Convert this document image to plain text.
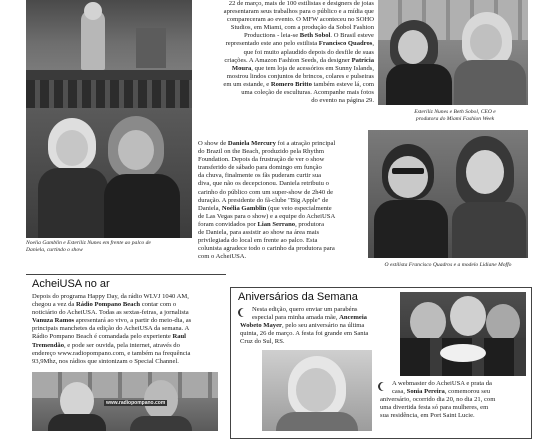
Noelia Gamblin e Esteriliz Nunes em frente ao palco de
Daniela, curtindo o show
22 de março, mais de 100 estilistas e designers de joias
apresentaram seus trabalhos para o público e a mídia que
compareceram ao evento. O MFW aconteceu no SOHO
Studios, em Miami, com a produção da Sobol Fashion
Productions - leia-se Beth Sobol. O Brasil esteve
representado este ano pelo estilista Francisco Quadros,
que foi muito aplaudido depois do desfile de suas
criações. A Amazon Fashion Seeds, da designer Patrícia
Moura, que tem loja de acessórios em Sunny Islands,
mostrou lindos conjuntos de brincos, colares e pulseiras
em um estande, e Romero Britto também esteve lá, com
uma coleção de esculturas. Acompanhe mais fotos
do evento na página 29.
Esteriliz Nunes e Beth Sobol, CEO e
produtora do Miami Fashion Week
O show de Daniela Mercury foi a atração principal
do Brazil on the Beach, produzido pela Rhythm
Foundation. Depois da frustração de ver o show
transferido de sábado para domingo em função
da chuva, finalmente os fãs puderam curtir sua
diva, que não os decepcionou. Daniela retribuiu o
carinho do público com um super-show de 2h40 de
duração. A presidente do fã-clube "Big Apple" de
Daniela, Noélia Gamblin (que veio especialmente
de Las Vegas para o show) e a equipe do AcheiUSA
foram convidados por Lian Serrano, produtora
de Daniela, para assistir ao show na área mais
privilegiada do local em frente ao palco. Esta
colunista agradece todo o carinho da produtora para
com o AcheiUSA.
O estilista Francisco Quadros e a modelo Lidiane Moffo
AcheiUSA no ar
Depois do programa Happy Day, da rádio WLVJ 1040 AM,
chegou a vez da Rádio Pompano Beach contar com o
noticiário do AcheiUSA. Todas as sextas-feiras, a jornalista
Vanuza Ramos apresentará ao vivo, a partir do meio-dia, as
principais manchetes da edição do AcheiUSA da semana. A
Rádio Pompano Beach é comandada pelo experiente Raul
Tremendão, e pode ser ouvida, pela internet, através do
endereço www.radiopompano.com, e também na frequência
93,9Mhz, nos rádios que sintonizam o Special Channel.
www.radiopompano.com
Aniversários da Semana
Nesta edição, quero enviar um parabéns
especial para minha amada mãe, Ancemeia
Wobeto Mayer, pelo seu aniversário na última
quinta, 26 de março. A festa foi grande em Santa
Cruz do Sul, RS.
A webmaster do AcheiUSA e prata da
casa, Sonia Pereira, comemorou seu
aniversário, ocorrido dia 20, no dia 21, com
uma divertida festa só para mulheres, em
sua residência, em Port Saint Lucie.
